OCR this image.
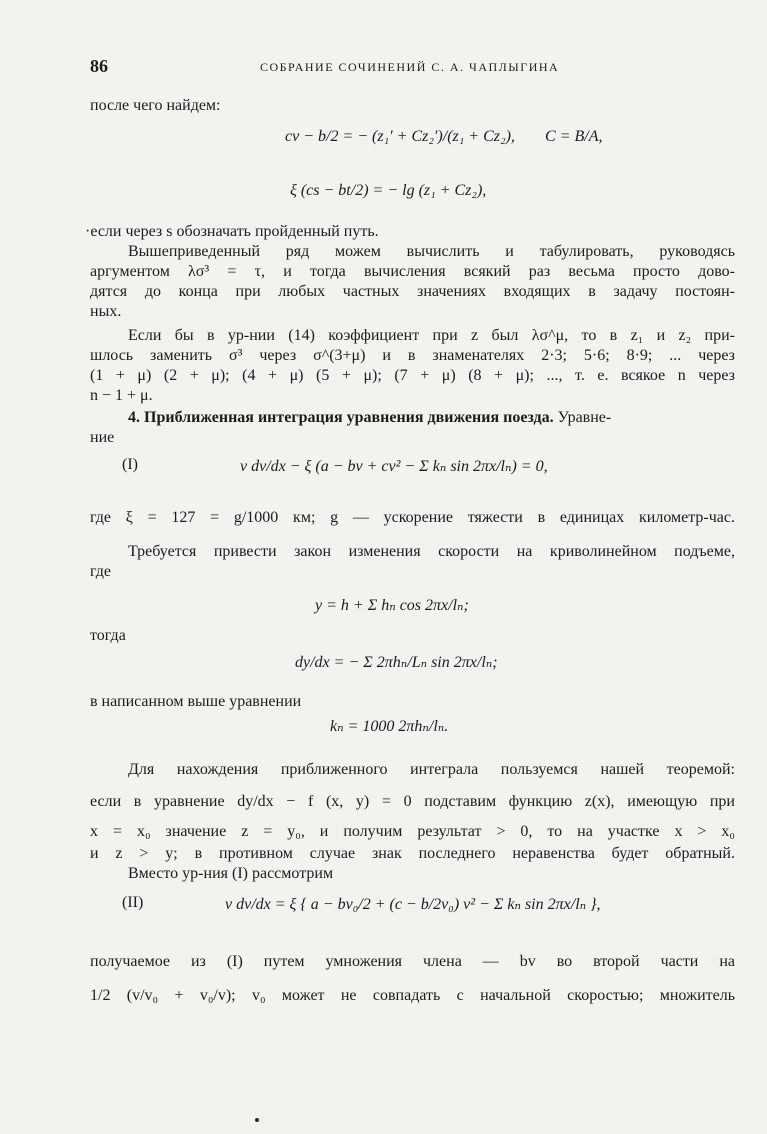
86	СОБРАНИЕ СОЧИНЕНИЙ С. А. ЧАПЛЫГИНА
после чего найдем:
cv − b/2 = − (z₁′ + Cz₂′)/(z₁ + Cz₂), C = B/A,
ξ (cs − bt/2) = − lg (z₁ + Cz₂),
·если через s обозначать пройденный путь.
Вышеприведенный ряд можем вычислить и табулировать, руководясь
аргументом λσ³ = τ, и тогда вычисления всякий раз весьма просто дово-
дятся до конца при любых частных значениях входящих в задачу постоян-
ных.
Если бы в ур-нии (14) коэффициент при z был λσ^μ, то в z₁ и z₂ при-
шлось заменить σ³ через σ^(3+μ) и в знаменателях 2·3; 5·6; 8·9; ... через
(1 + μ) (2 + μ); (4 + μ) (5 + μ); (7 + μ) (8 + μ); ..., т. е. всякое n через
n − 1 + μ.
4. Приближенная интеграция уравнения движения поезда. Уравне-
ние
(I)	v dv/dx − ξ (a − bv + cv² − Σ kₙ sin 2πx/lₙ) = 0,
где ξ = 127 = g/1000 км; g — ускорение тяжести в единицах километр-час.
Требуется привести закон изменения скорости на криволинейном подъеме,
где
y = h + Σ hₙ cos 2πx/lₙ;
тогда
dy/dx = − Σ 2πhₙ/Lₙ sin 2πx/lₙ;
в написанном выше уравнении
kₙ = 1000 2πhₙ/lₙ.
Для нахождения приближенного интеграла пользуемся нашей теоремой:
если в уравнение dy/dx − f (x, y) = 0 подставим функцию z(x), имеющую при
x = x₀ значение z = y₀, и получим результат > 0, то на участке x > x₀
и z > y; в противном случае знак последнего неравенства будет обратный.
Вместо ур-ния (I) рассмотрим
(II)	v dv/dx = ξ { a − bv₀/2 + (c − b/2v₀) v² − Σ kₙ sin 2πx/lₙ },
получаемое из (I) путем умножения члена — bv во второй части на
1/2 (v/v₀ + v₀/v); v₀ может не совпадать с начальной скоростью; множитель
